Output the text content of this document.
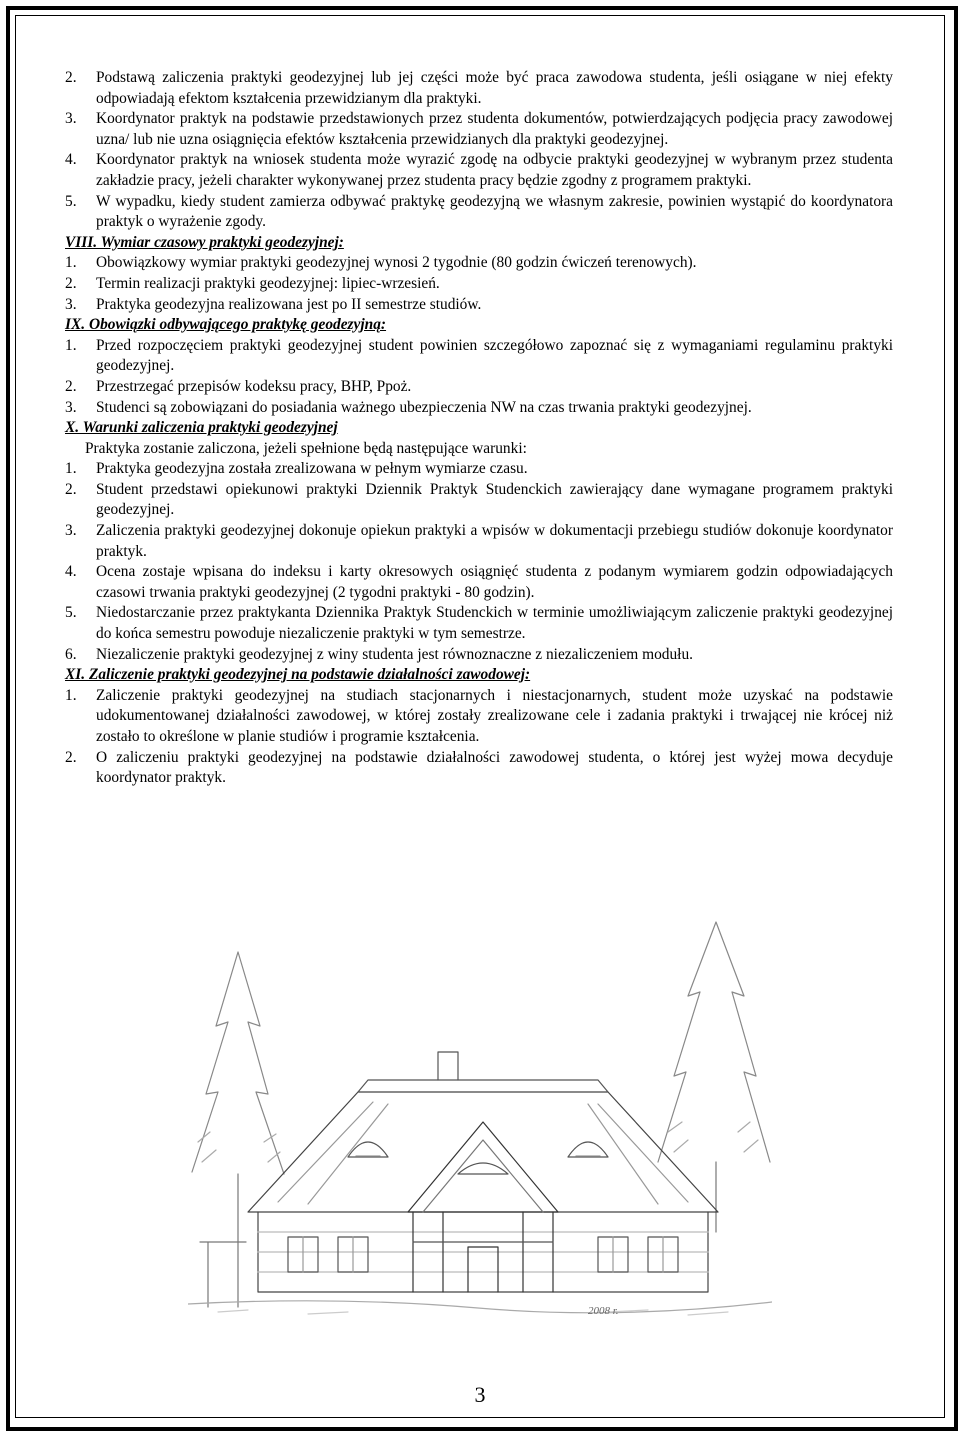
2.	Podstawą zaliczenia praktyki geodezyjnej lub jej części może być praca zawodowa studenta, jeśli osiągane w niej efekty odpowiadają efektom kształcenia przewidzianym dla praktyki.
3.	Koordynator praktyk na podstawie przedstawionych przez studenta dokumentów, potwierdzających podjęcia pracy zawodowej uzna/ lub nie uzna osiągnięcia efektów kształcenia przewidzianych dla praktyki geodezyjnej.
4.	Koordynator praktyk na wniosek studenta może wyrazić zgodę na odbycie praktyki geodezyjnej w wybranym przez studenta zakładzie pracy, jeżeli charakter wykonywanej przez studenta pracy będzie zgodny z programem praktyki.
5.	W wypadku, kiedy student zamierza odbywać praktykę geodezyjną we własnym zakresie, powinien wystąpić do koordynatora praktyk o wyrażenie zgody.
VIII. Wymiar czasowy praktyki geodezyjnej:
1.	Obowiązkowy wymiar praktyki geodezyjnej wynosi 2 tygodnie (80 godzin ćwiczeń terenowych).
2.	Termin realizacji praktyki geodezyjnej: lipiec-wrzesień.
3.	Praktyka geodezyjna realizowana jest po II semestrze studiów.
IX. Obowiązki odbywającego praktykę geodezyjną:
1.	Przed rozpoczęciem praktyki geodezyjnej student powinien szczegółowo zapoznać się z wymaganiami regulaminu praktyki geodezyjnej.
2.	Przestrzegać przepisów kodeksu pracy, BHP, Ppoż.
3.	Studenci są zobowiązani do posiadania ważnego ubezpieczenia NW na czas trwania praktyki geodezyjnej.
X. Warunki zaliczenia praktyki geodezyjnej
Praktyka zostanie zaliczona, jeżeli spełnione będą następujące warunki:
1.	Praktyka geodezyjna została zrealizowana w pełnym wymiarze czasu.
2.	Student przedstawi opiekunowi praktyki Dziennik Praktyk Studenckich zawierający dane wymagane programem praktyki geodezyjnej.
3.	Zaliczenia praktyki geodezyjnej dokonuje opiekun praktyki a wpisów w dokumentacji przebiegu studiów dokonuje koordynator praktyk.
4.	Ocena zostaje wpisana do indeksu i karty okresowych osiągnięć studenta z podanym wymiarem godzin odpowiadających czasowi trwania praktyki geodezyjnej (2 tygodni praktyki - 80 godzin).
5.	Niedostarczanie przez praktykanta Dziennika Praktyk Studenckich w terminie umożliwiającym zaliczenie praktyki geodezyjnej do końca semestru powoduje niezaliczenie praktyki w tym semestrze.
6.	Niezaliczenie praktyki geodezyjnej z winy studenta jest równoznaczne z niezaliczeniem modułu.
XI. Zaliczenie praktyki geodezyjnej na podstawie działalności zawodowej:
1.	Zaliczenie praktyki geodezyjnej na studiach stacjonarnych i niestacjonarnych, student może uzyskać na podstawie udokumentowanej działalności zawodowej, w której zostały zrealizowane cele i zadania praktyki i trwającej nie krócej niż zostało to określone w planie studiów i programie kształcenia.
2.	O zaliczeniu praktyki geodezyjnej na podstawie działalności zawodowej studenta, o której jest wyżej mowa decyduje koordynator praktyk.
2008 r.
3
